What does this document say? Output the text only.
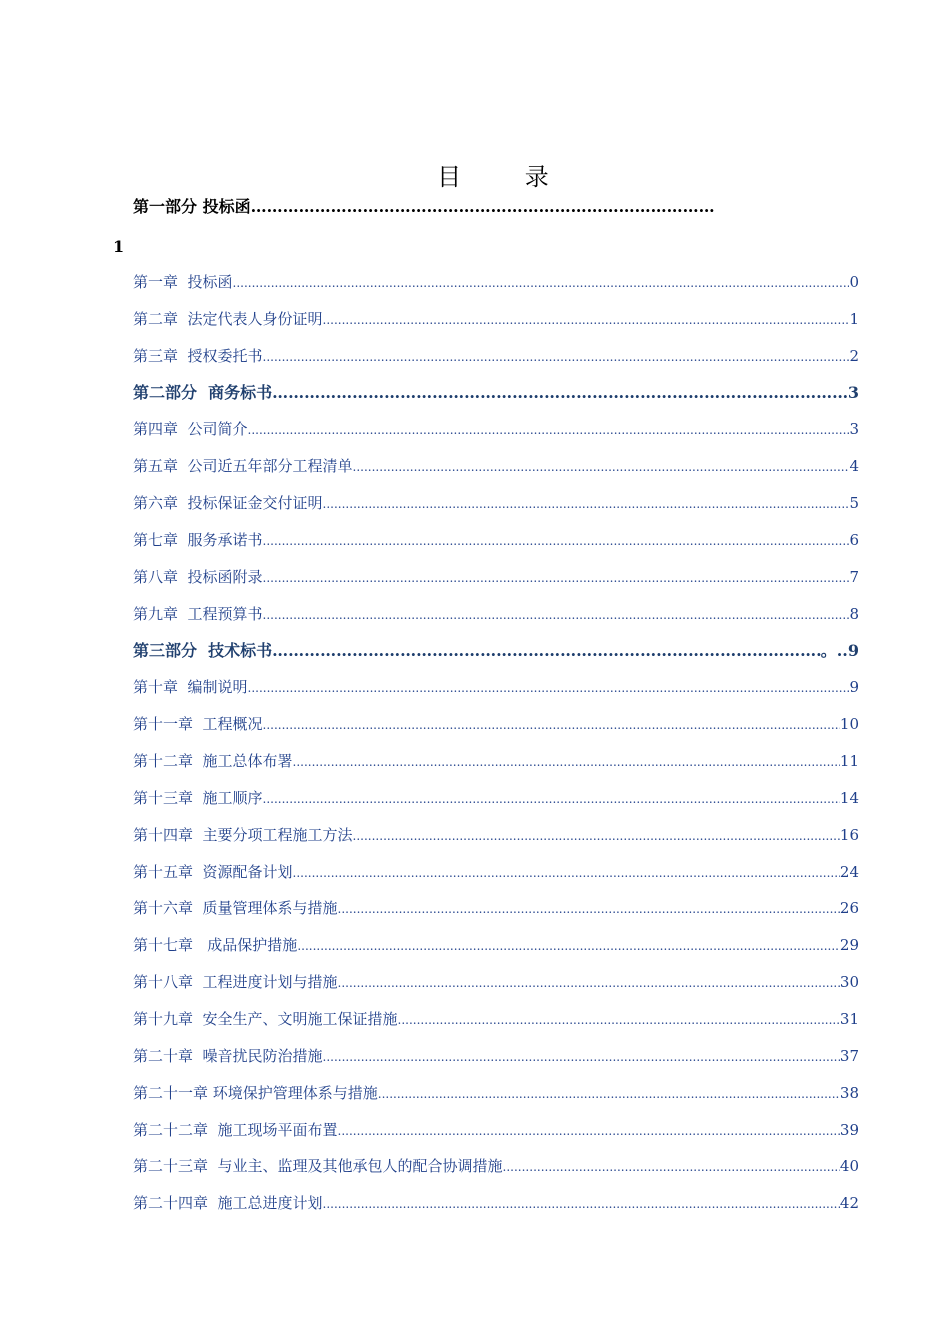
目 录
第一部分 投标函……………………………………………………………………………
1
第一章  投标函 .....	0
第二章  法定代表人身份证明 .....	1
第三章  授权委托书 .....	2
第二部分  商务标书 ……………………………………………………………………………………………………………………	3
第四章  公司简介 .....	3
第五章  公司近五年部分工程清单 .....	4
第六章  投标保证金交付证明 .....	5
第七章  服务承诺书 .....	6
第八章  投标函附录 .....	7
第九章  工程预算书 .....	8
第三部分  技术标书 ……………………………………………………………………………………………………………………	。..9
第十章  编制说明 .....	9
第十一章  工程概况 .....	10
第十二章  施工总体布署 .....	11
第十三章  施工顺序 .....	14
第十四章  主要分项工程施工方法 .....	16
第十五章  资源配备计划 .....	24
第十六章  质量管理体系与措施 .....	26
第十七章   成品保护措施 .....	29
第十八章  工程进度计划与措施 .....	30
第十九章  安全生产、文明施工保证措施 .....	31
第二十章  噪音扰民防治措施 .....	37
第二十一章 环境保护管理体系与措施 .....	38
第二十二章  施工现场平面布置 .....	39
第二十三章  与业主、监理及其他承包人的配合协调措施 .....	40
第二十四章  施工总进度计划 .....	42
